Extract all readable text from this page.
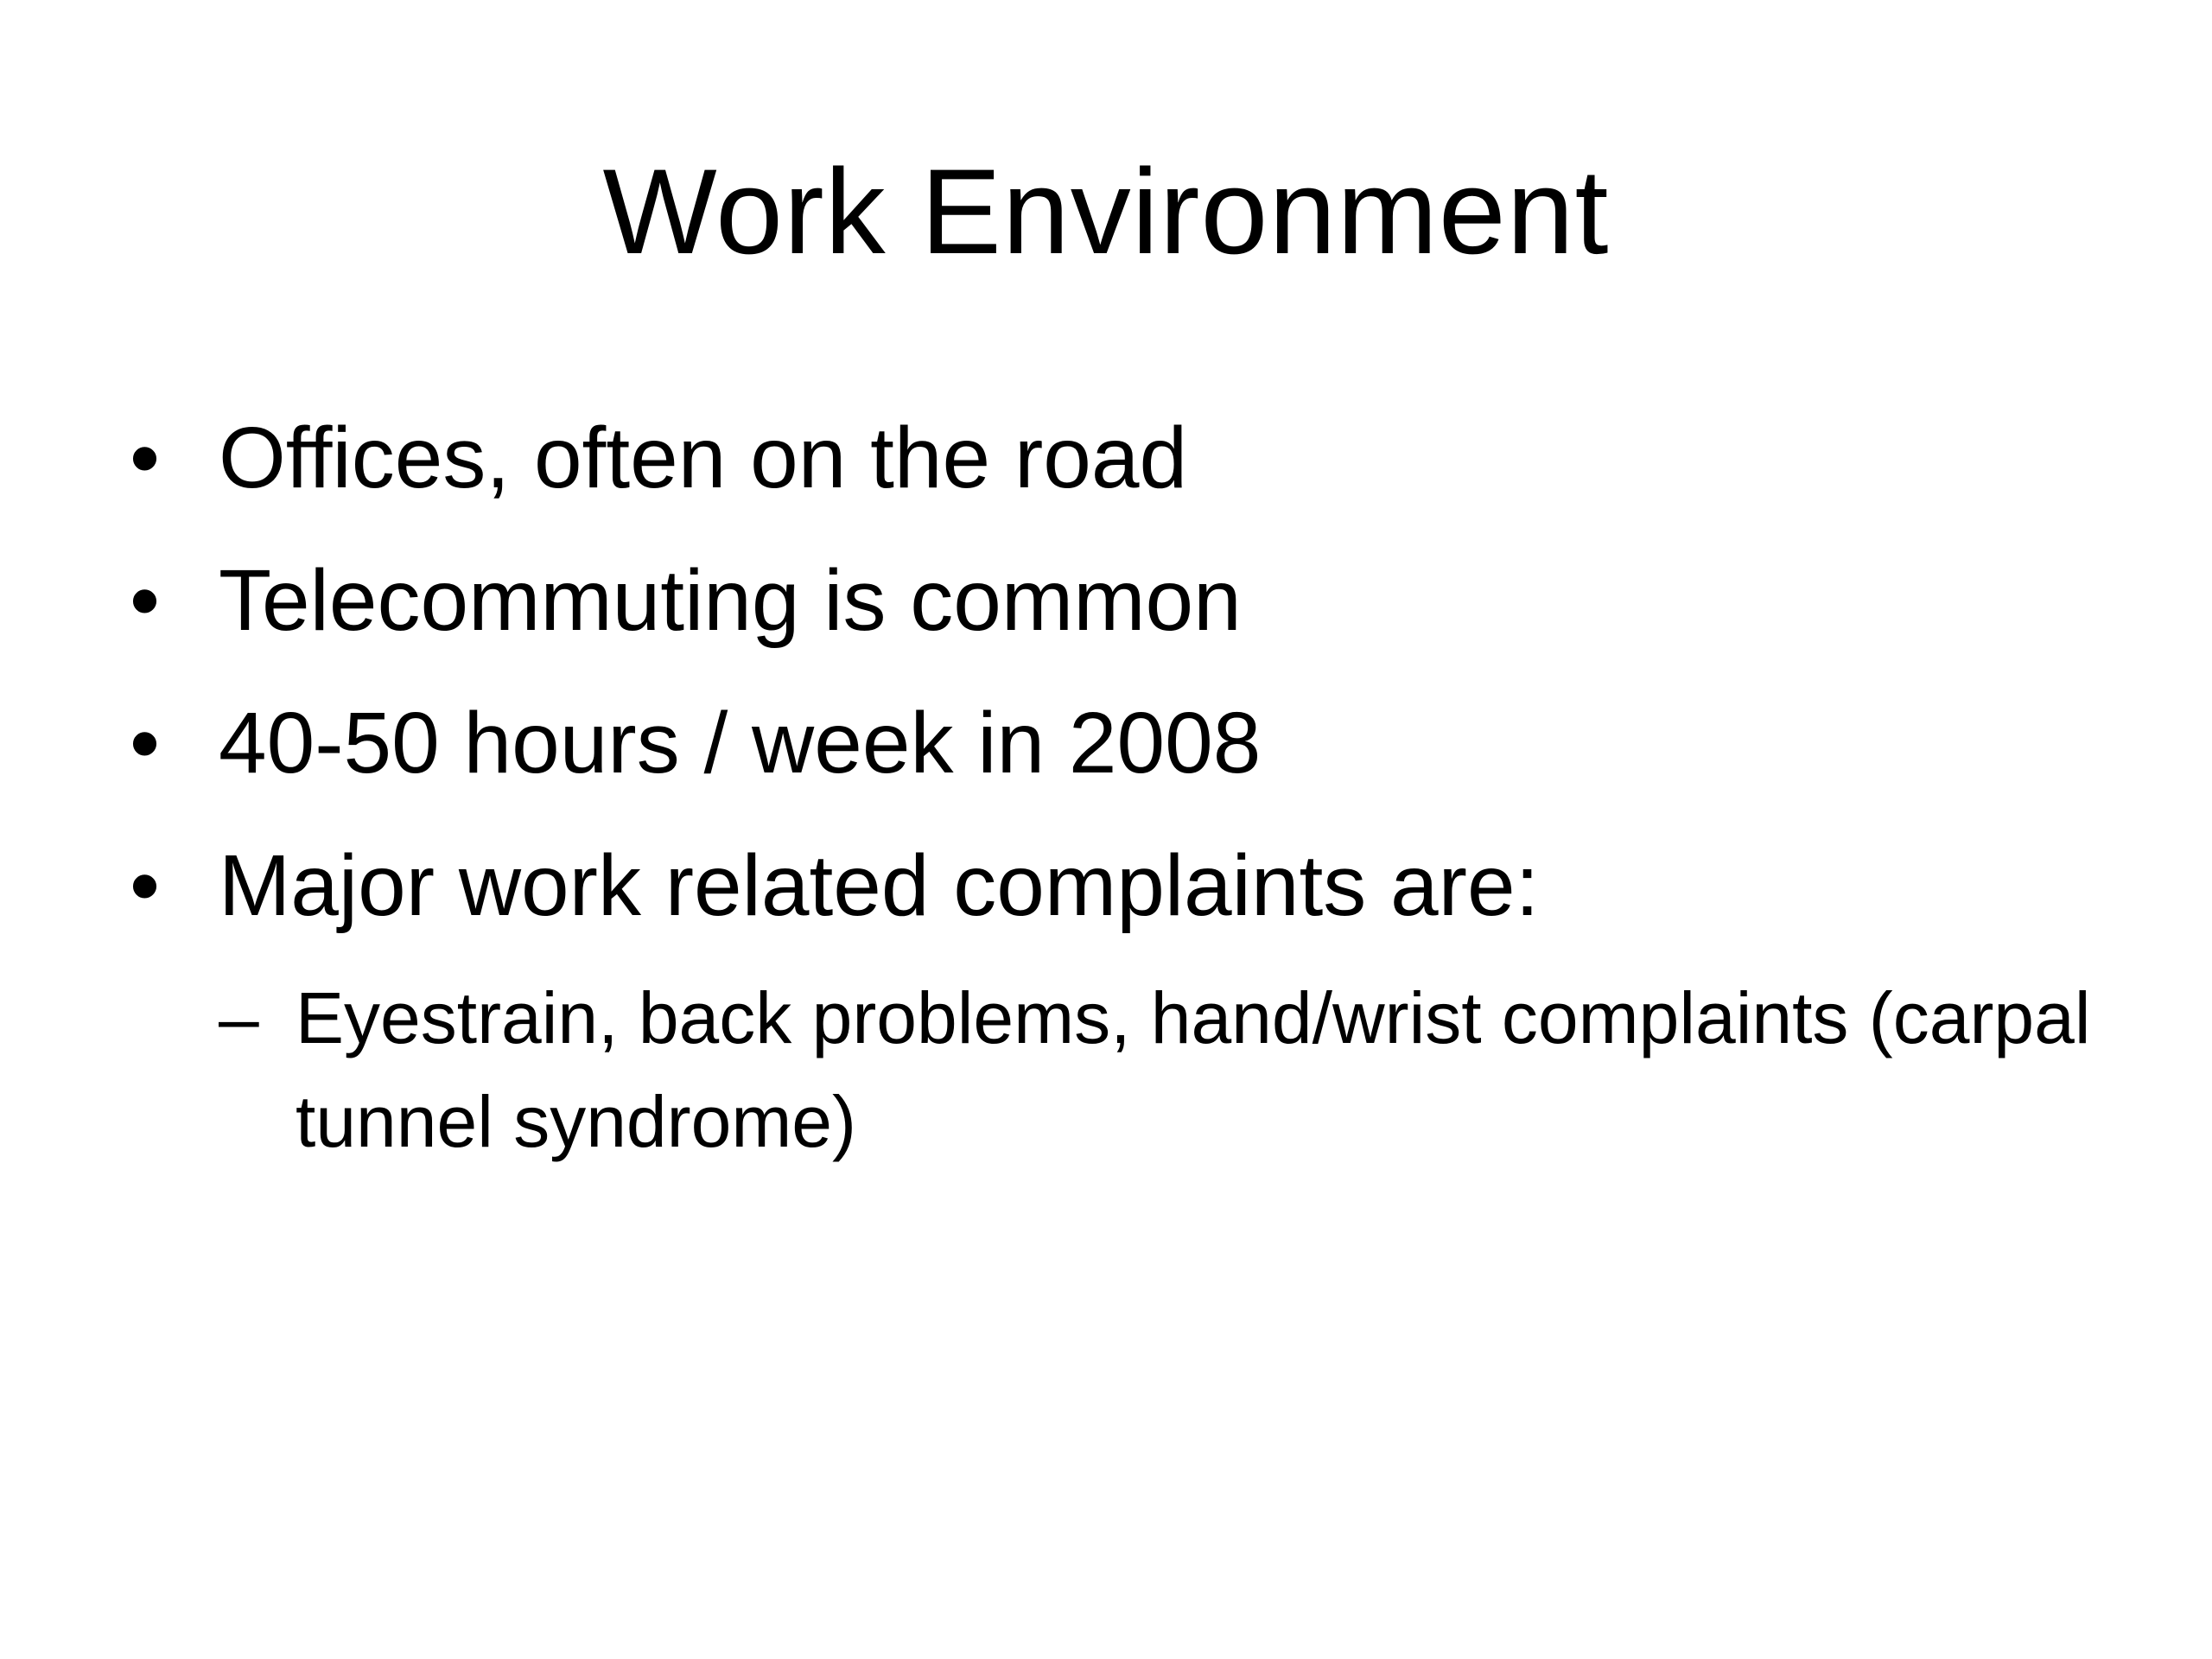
Work Environment
• Offices, often on the road
• Telecommuting is common
• 40-50 hours / week in 2008
• Major work related complaints are:
– Eyestrain, back problems, hand/wrist complaints (carpal tunnel syndrome)
